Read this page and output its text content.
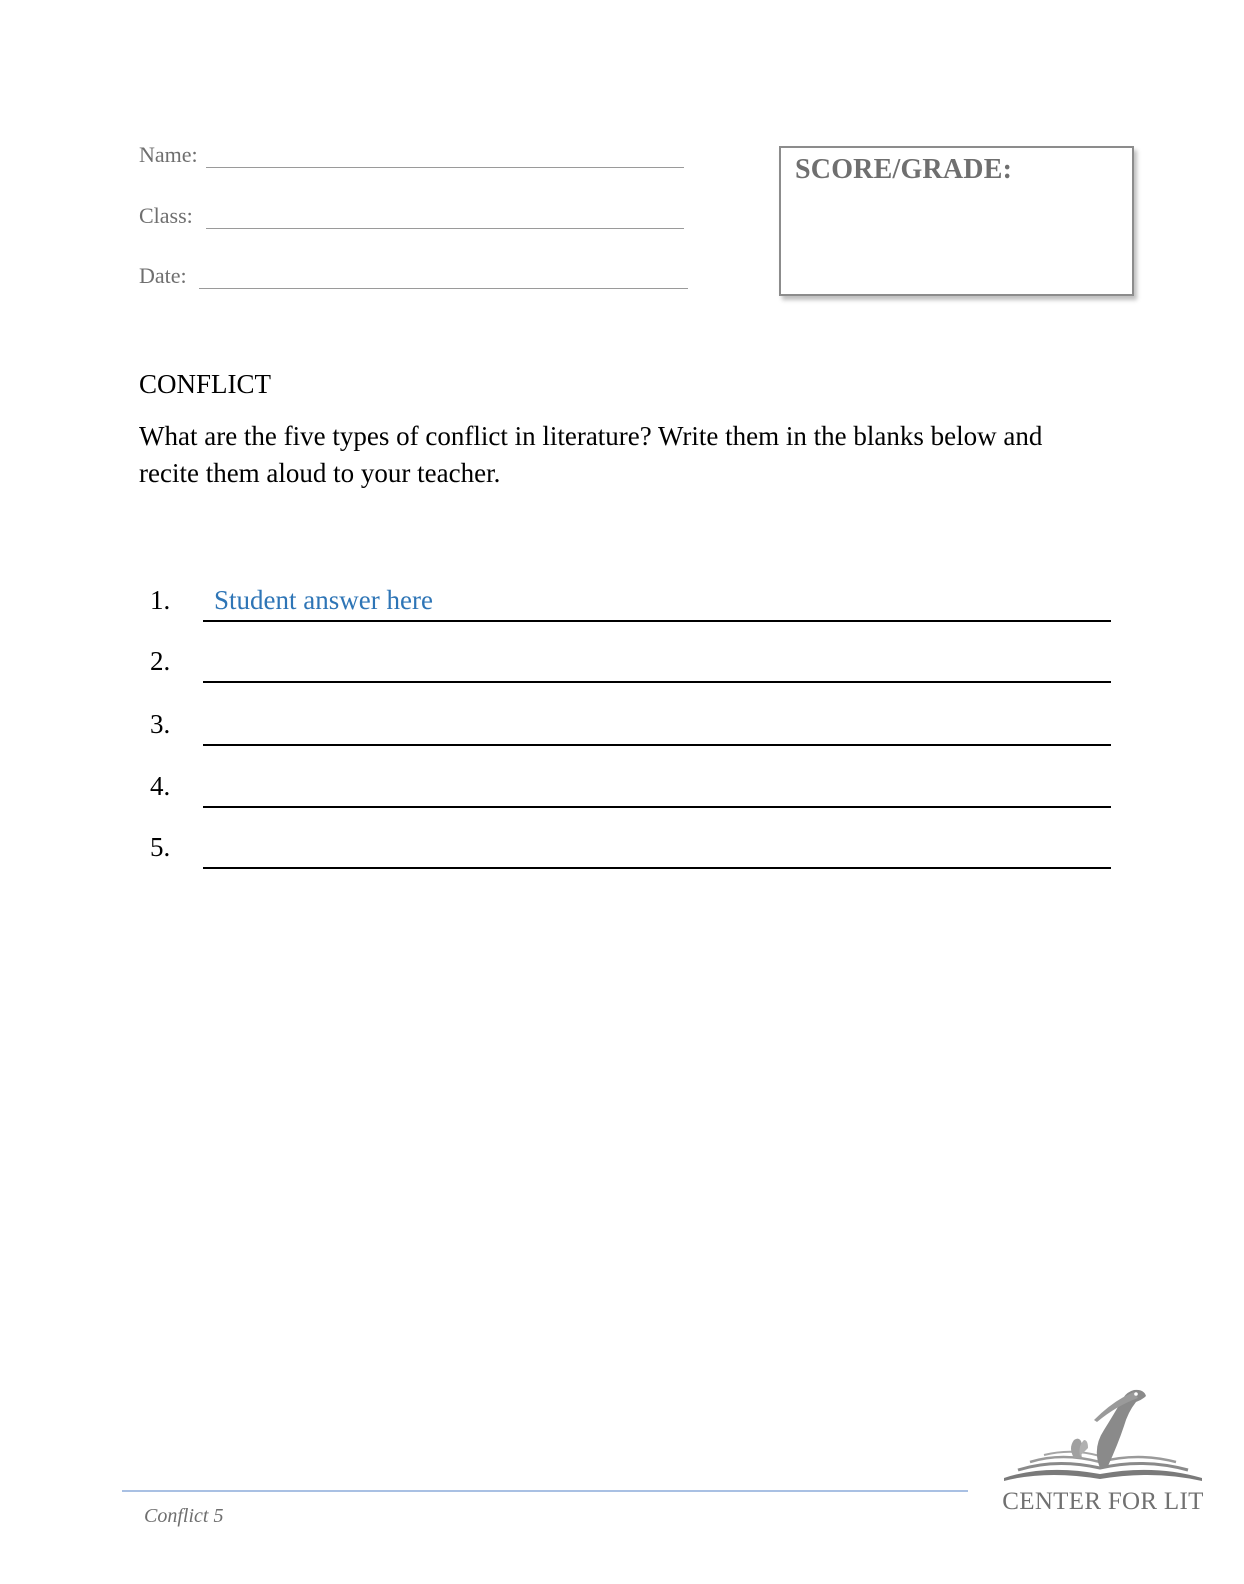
Name:
Class:
Date:
SCORE/GRADE:
CONFLICT
What are the five types of conflict in literature? Write them in the blanks below and recite them aloud to your teacher.
1. Student answer here
2.
3.
4.
5.
Conflict 5
CENTER FOR LIT
